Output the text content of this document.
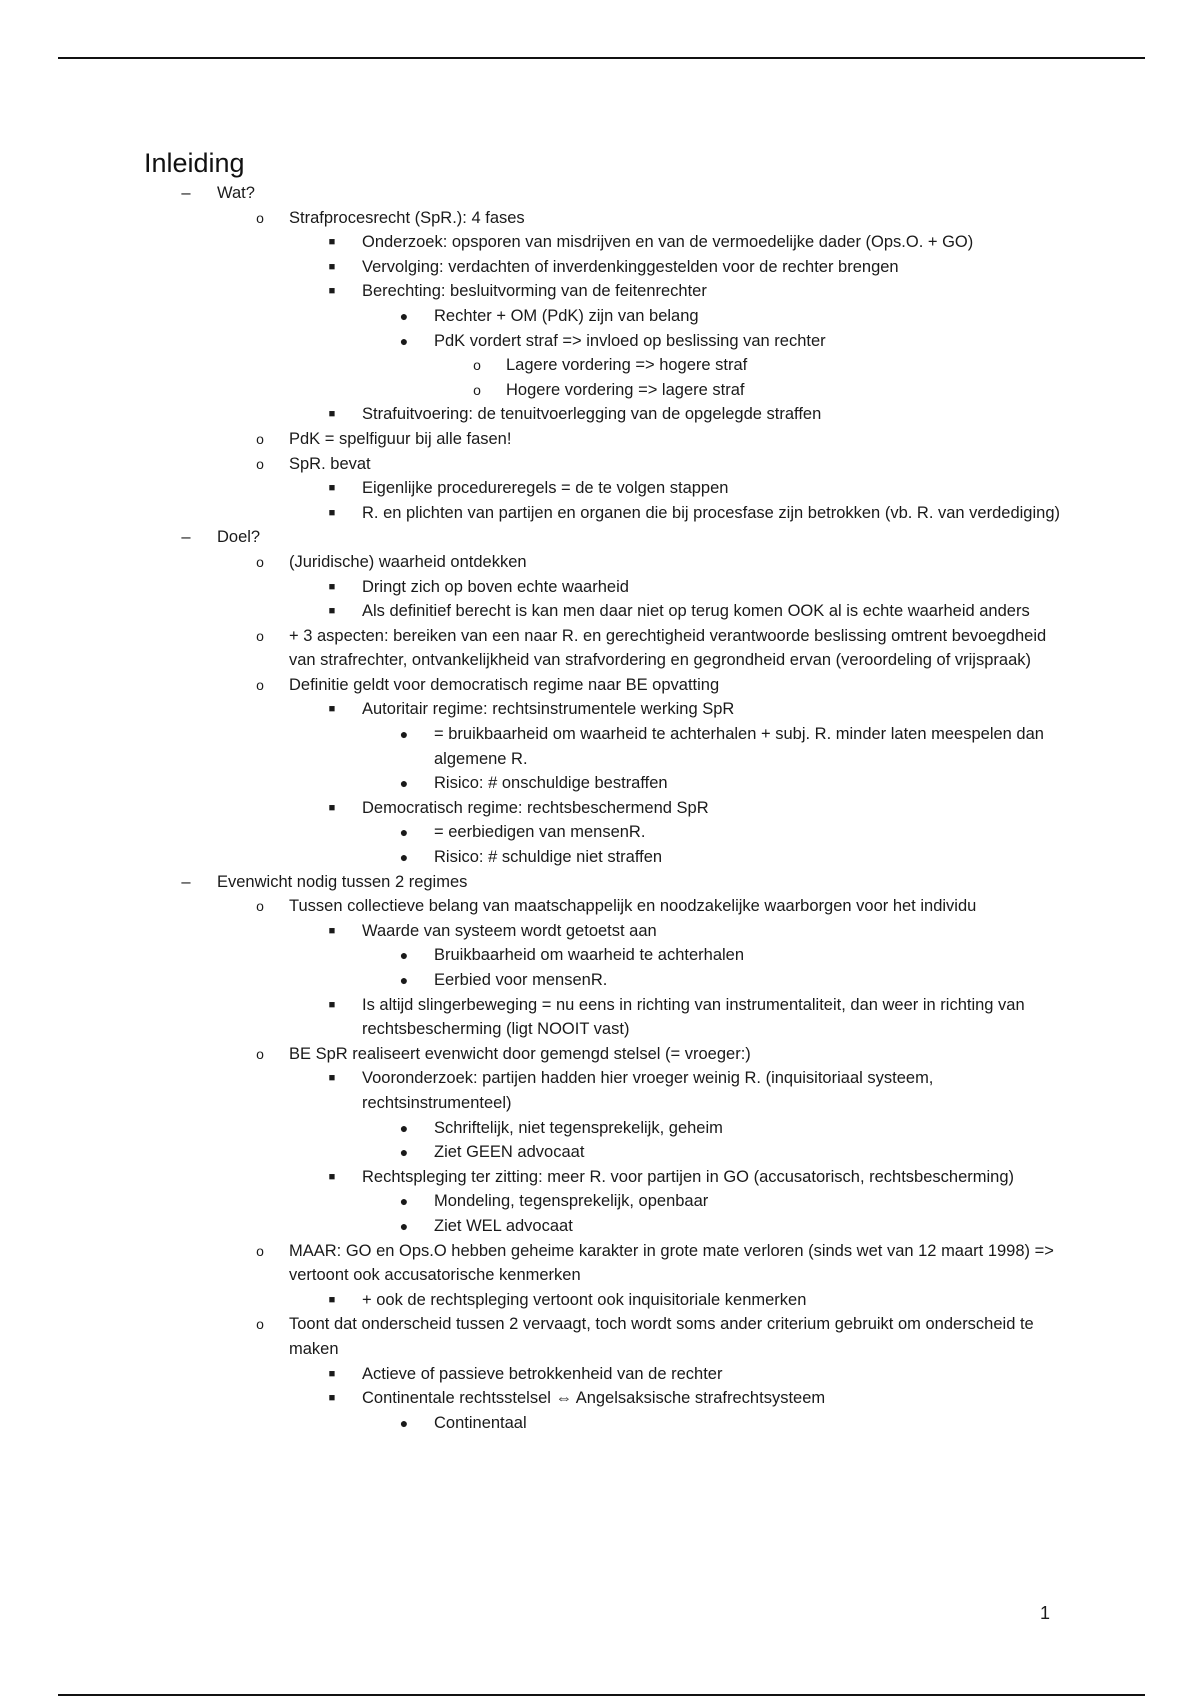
Inleiding
–	Wat?
o	Strafprocesrecht (SpR.): 4 fases
■	Onderzoek: opsporen van misdrijven en van de vermoedelijke dader (Ops.O. + GO)
■	Vervolging: verdachten of inverdenkinggestelden voor de rechter brengen
■	Berechting: besluitvorming van de feitenrechter
●	Rechter + OM (PdK) zijn van belang
●	PdK vordert straf => invloed op beslissing van rechter
o	Lagere vordering => hogere straf
o	Hogere vordering => lagere straf
■	Strafuitvoering: de tenuitvoerlegging van de opgelegde straffen
o	PdK = spelfiguur bij alle fasen!
o	SpR. bevat
■	Eigenlijke procedureregels = de te volgen stappen
■	R. en plichten van partijen en organen die bij procesfase zijn betrokken (vb. R. van verdediging)
–	Doel?
o	(Juridische) waarheid ontdekken
■	Dringt zich op boven echte waarheid
■	Als definitief berecht is kan men daar niet op terug komen OOK al is echte waarheid anders
o	+ 3 aspecten: bereiken van een naar R. en gerechtigheid verantwoorde beslissing omtrent bevoegdheid van strafrechter, ontvankelijkheid van strafvordering en gegrondheid ervan (veroordeling of vrijspraak)
o	Definitie geldt voor democratisch regime naar BE opvatting
■	Autoritair regime: rechtsinstrumentele werking SpR
●	= bruikbaarheid om waarheid te achterhalen + subj. R. minder laten meespelen dan algemene R.
●	Risico: # onschuldige bestraffen
■	Democratisch regime: rechtsbeschermend SpR
●	= eerbiedigen van mensenR.
●	Risico: # schuldige niet straffen
–	Evenwicht nodig tussen 2 regimes
o	Tussen collectieve belang van maatschappelijk en noodzakelijke waarborgen voor het individu
■	Waarde van systeem wordt getoetst aan
●	Bruikbaarheid om waarheid te achterhalen
●	Eerbied voor mensenR.
■	Is altijd slingerbeweging = nu eens in richting van instrumentaliteit, dan weer in richting van rechtsbescherming (ligt NOOIT vast)
o	BE SpR realiseert evenwicht door gemengd stelsel (= vroeger:)
■	Vooronderzoek: partijen hadden hier vroeger weinig R. (inquisitoriaal systeem, rechtsinstrumenteel)
●	Schriftelijk, niet tegensprekelijk, geheim
●	Ziet GEEN advocaat
■	Rechtspleging ter zitting: meer R. voor partijen in GO (accusatorisch, rechtsbescherming)
●	Mondeling, tegensprekelijk, openbaar
●	Ziet WEL advocaat
o	MAAR: GO en Ops.O hebben geheime karakter in grote mate verloren (sinds wet van 12 maart 1998) => vertoont ook accusatorische kenmerken
■	+ ook de rechtspleging vertoont ook inquisitoriale kenmerken
o	Toont dat onderscheid tussen 2 vervaagt, toch wordt soms ander criterium gebruikt om onderscheid te maken
■	Actieve of passieve betrokkenheid van de rechter
■	Continentale rechtsstelsel ⇔ Angelsaksische strafrechtsysteem
●	Continentaal
1
